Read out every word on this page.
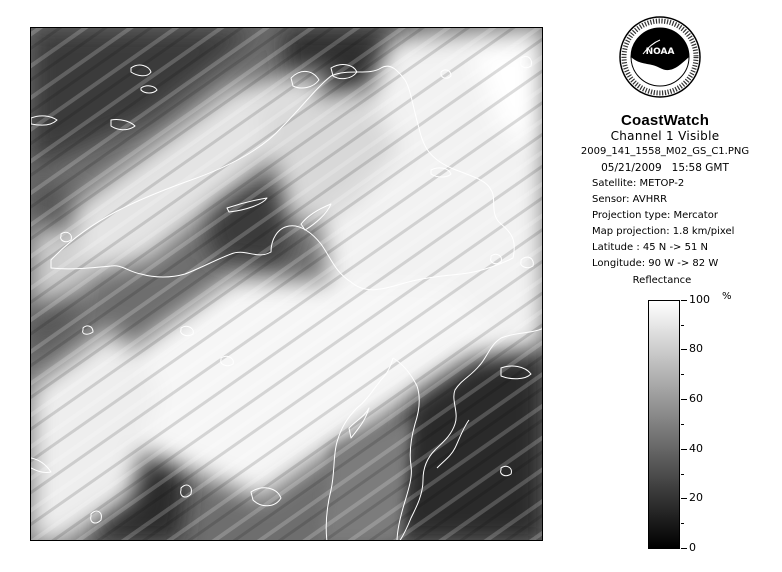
NOAA
CoastWatch
Channel 1 Visible
2009_141_1558_M02_GS_C1.PNG
05/21/2009 15:58 GMT
Satellite: METOP-2
Sensor: AVHRR
Projection type: Mercator
Map projection: 1.8 km/pixel
Latitude : 45 N -> 51 N
Longitude: 90 W -> 82 W
Reflectance
%
100
80
60
40
20
0
